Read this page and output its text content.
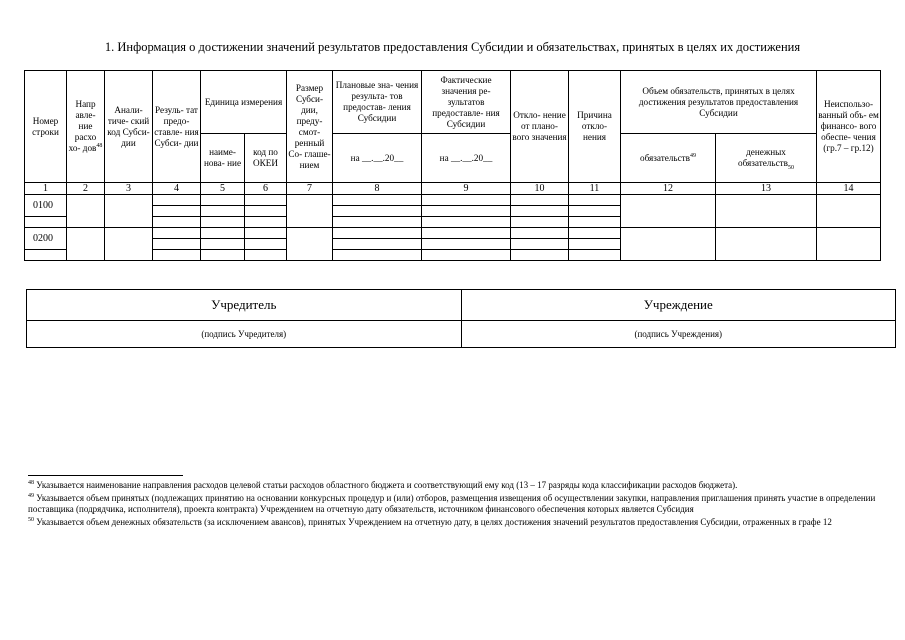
1. Информация о достижении значений результатов предоставления Субсидии и обязательствах, принятых в целях их достижения
Номер строки	Напр авле- ние расхо хо- дов$^{48}$	Анали- тиче- ский код Субси- дии	Резуль- тат предо- ставле- ния Субси- дии	Единица измерения		Размер Субси- дии, преду- смот- ренный Со- глаше- нием	Плановые зна- чения результа- тов предостав- ления Субсидии	Фактические значения ре- зультатов предоставле- ния Субсидии	Откло- нение от плано- вого значения	Причина откло- нения	Объем обязательств, принятых в целях достижения результатов предоставления Субсидии		Неиспользо- ванный объ- ем финансо- вого обеспе- чения (гр.7 – гр.12)
				наиме- нова- ние	код по ОКЕИ		на __.__.20__	на __.__.20__			обязательств$^{49}$	денежных обязательств$_{50}$
1	2	3	4	5	6	7	8	9	10	11	12	13	14
0100													

0200													

Учредитель	Учреждение
(подпись Учредителя)	(подпись Учреждения)

$^{48}$ Указывается наименование направления расходов целевой статьи расходов областного бюджета и соответствующий ему код (13 – 17 разряды кода классификации расходов бюджета).

$^{49}$ Указывается объем принятых (подлежащих принятию на основании конкурсных процедур и (или) отборов, размещения извещения об осуществлении закупки, направления приглашения принять участие в определении поставщика (подрядчика, исполнителя), проекта контракта) Учреждением на отчетную дату обязательств, источником финансового обеспечения которых является Субсидия

$^{50}$ Указывается объем денежных обязательств (за исключением авансов), принятых Учреждением на отчетную дату, в целях достижения значений результатов предоставления Субсидии, отраженных в графе 12
